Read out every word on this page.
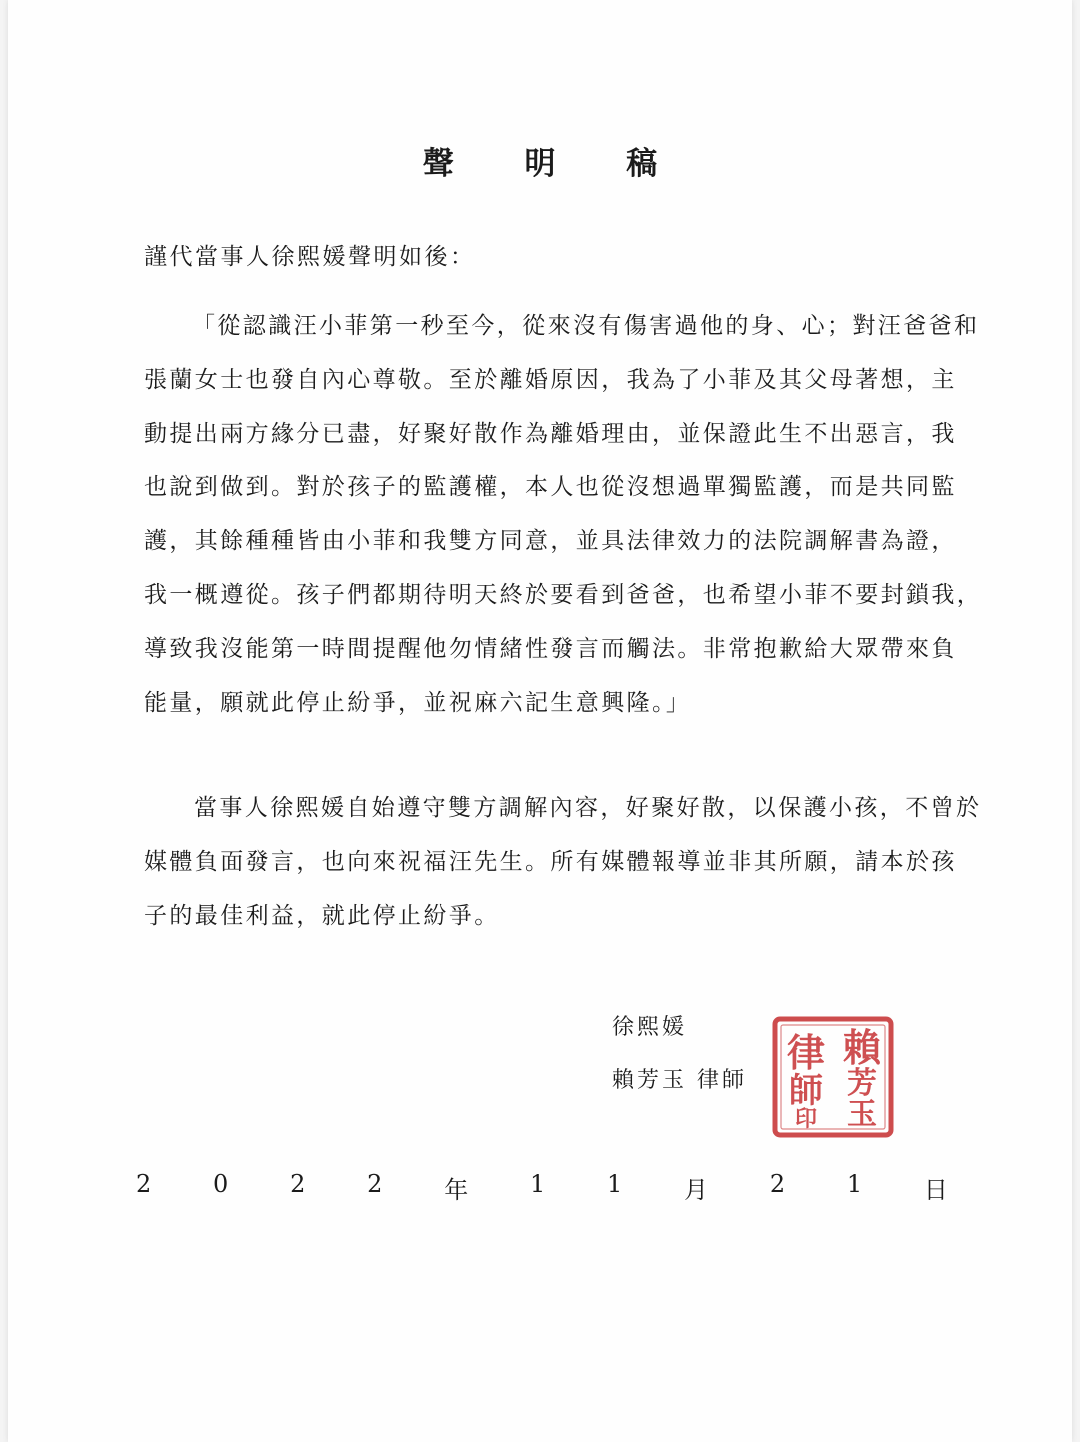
聲 明 稿
謹代當事人徐熙媛聲明如後：
「從認識汪小菲第一秒至今，從來沒有傷害過他的身、心；對汪爸爸和
張蘭女士也發自內心尊敬。至於離婚原因，我為了小菲及其父母著想，主
動提出兩方緣分已盡，好聚好散作為離婚理由，並保證此生不出惡言，我
也說到做到。對於孩子的監護權，本人也從沒想過單獨監護，而是共同監
護，其餘種種皆由小菲和我雙方同意，並具法律效力的法院調解書為證，
我一概遵從。孩子們都期待明天終於要看到爸爸，也希望小菲不要封鎖我，
導致我沒能第一時間提醒他勿情緒性發言而觸法。非常抱歉給大眾帶來負
能量，願就此停止紛爭，並祝麻六記生意興隆。」
當事人徐熙媛自始遵守雙方調解內容，好聚好散，以保護小孩，不曾於
媒體負面發言，也向來祝福汪先生。所有媒體報導並非其所願，請本於孩
子的最佳利益，就此停止紛爭。
徐熙媛
賴芳玉 律師
賴
芳
玉
律
師
印
2	0	2	2	年	1	1	月	2	1	日
